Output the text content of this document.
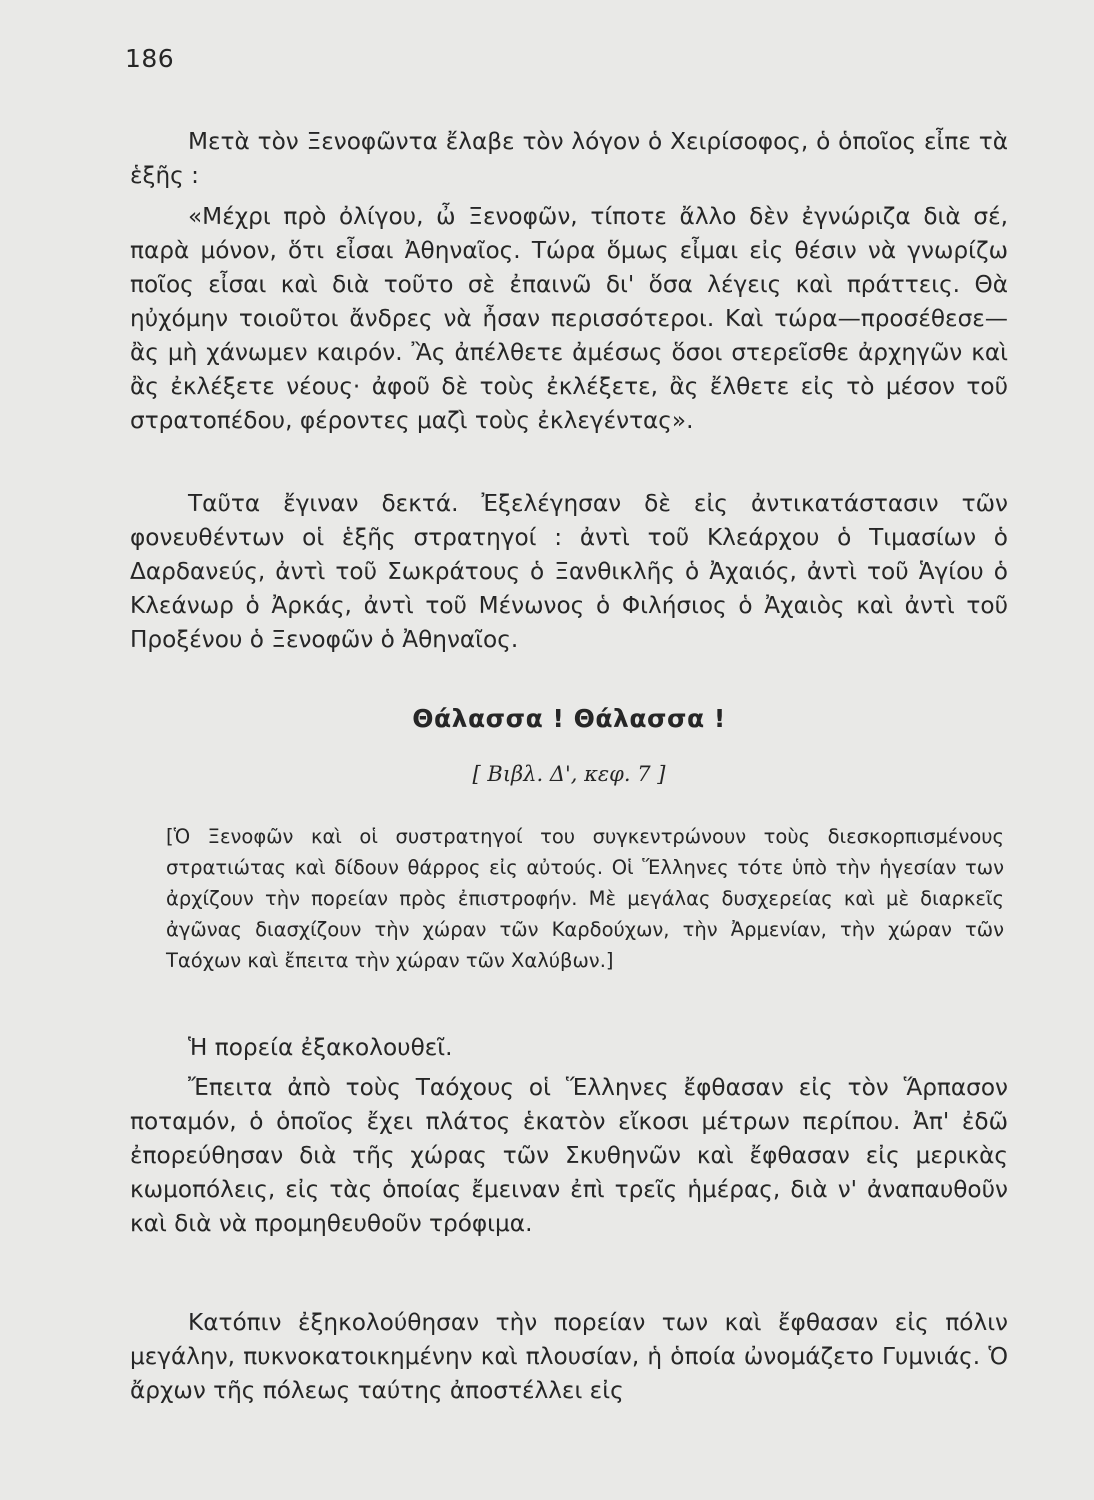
186

Μετὰ τὸν Ξενοφῶντα ἔλαβε τὸν λόγον ὁ Χειρίσοφος, ὁ ὁποῖος εἶπε τὰ ἑξῆς :

«Μέχρι πρὸ ὀλίγου, ὦ Ξενοφῶν, τίποτε ἄλλο δὲν ἐγνώριζα διὰ σέ, παρὰ μόνον, ὅτι εἶσαι Ἀθηναῖος. Τώρα ὅμως εἶμαι εἰς θέσιν νὰ γνωρίζω ποῖος εἶσαι καὶ διὰ τοῦτο σὲ ἐπαινῶ δι' ὅσα λέγεις καὶ πράττεις. Θὰ ηὐχόμην τοιοῦτοι ἄνδρες νὰ ἦσαν περισσότεροι. Καὶ τώρα—προσέθεσε—ἂς μὴ χάνωμεν καιρόν. Ἂς ἀπέλθετε ἀμέσως ὅσοι στερεῖσθε ἀρχηγῶν καὶ ἂς ἐκλέξετε νέους· ἀφοῦ δὲ τοὺς ἐκλέξετε, ἂς ἔλθετε εἰς τὸ μέσον τοῦ στρατοπέδου, φέροντες μαζὶ τοὺς ἐκλεγέντας».

Ταῦτα ἔγιναν δεκτά. Ἐξελέγησαν δὲ εἰς ἀντικατάστασιν τῶν φονευθέντων οἱ ἑξῆς στρατηγοί : ἀντὶ τοῦ Κλεάρχου ὁ Τιμασίων ὁ Δαρδανεύς, ἀντὶ τοῦ Σωκράτους ὁ Ξανθικλῆς ὁ Ἀχαιός, ἀντὶ τοῦ Ἁγίου ὁ Κλεάνωρ ὁ Ἀρκάς, ἀντὶ τοῦ Μένωνος ὁ Φιλήσιος ὁ Ἀχαιὸς καὶ ἀντὶ τοῦ Προξένου ὁ Ξενοφῶν ὁ Ἀθηναῖος.

Θάλασσα ! Θάλασσα !
[ Βιβλ. Δ', κεφ. 7 ]

[Ὁ Ξενοφῶν καὶ οἱ συστρατηγοί του συγκεντρώνουν τοὺς διεσκορπισμένους στρατιώτας καὶ δίδουν θάρρος εἰς αὐτούς. Οἱ Ἕλληνες τότε ὑπὸ τὴν ἡγεσίαν των ἀρχίζουν τὴν πορείαν πρὸς ἐπιστροφήν. Μὲ μεγάλας δυσχερείας καὶ μὲ διαρκεῖς ἀγῶνας διασχίζουν τὴν χώραν τῶν Καρδούχων, τὴν Ἀρμενίαν, τὴν χώραν τῶν Ταόχων καὶ ἔπειτα τὴν χώραν τῶν Χαλύβων.]

Ἡ πορεία ἐξακολουθεῖ.

Ἔπειτα ἀπὸ τοὺς Ταόχους οἱ Ἕλληνες ἔφθασαν εἰς τὸν Ἅρπασον ποταμόν, ὁ ὁποῖος ἔχει πλάτος ἑκατὸν εἴκοσι μέτρων περίπου. Ἀπ' ἐδῶ ἐπορεύθησαν διὰ τῆς χώρας τῶν Σκυθηνῶν καὶ ἔφθασαν εἰς μερικὰς κωμοπόλεις, εἰς τὰς ὁποίας ἔμειναν ἐπὶ τρεῖς ἡμέρας, διὰ ν' ἀναπαυθοῦν καὶ διὰ νὰ προμηθευθοῦν τρόφιμα.

Κατόπιν ἐξηκολούθησαν τὴν πορείαν των καὶ ἔφθασαν εἰς πόλιν μεγάλην, πυκνοκατοικημένην καὶ πλουσίαν, ἡ ὁποία ὠνομάζετο Γυμνιάς. Ὁ ἄρχων τῆς πόλεως ταύτης ἀποστέλλει εἰς
